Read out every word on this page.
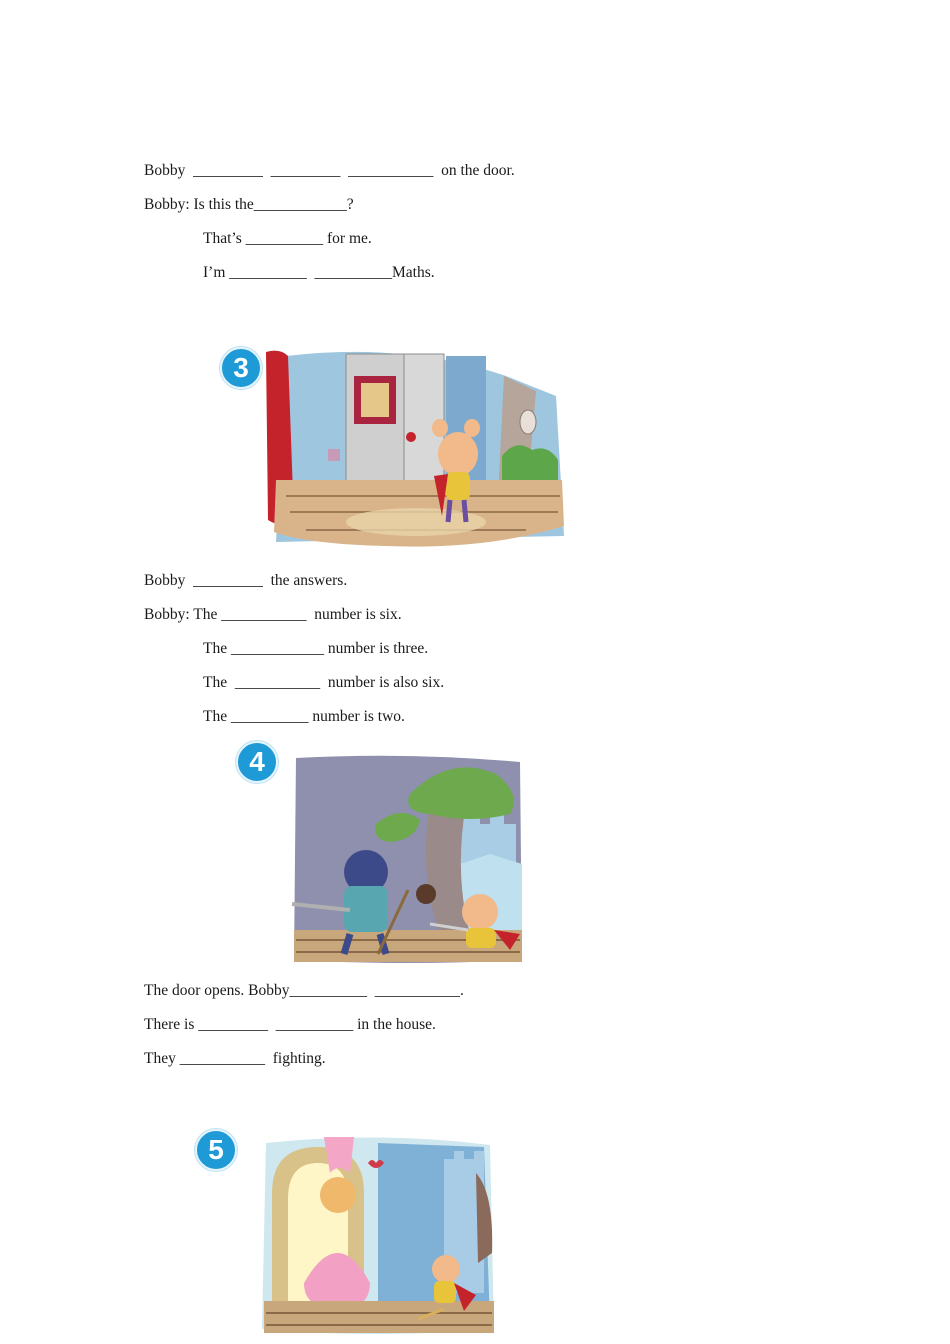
Bobby  _________  _________  ___________  on the door.
Bobby: Is this the____________?
That’s __________ for me.
I’m __________  __________Maths.
3
Bobby  _________  the answers.
Bobby: The ___________  number is six.
The ____________ number is three.
The  ___________  number is also six.
The __________ number is two.
4
The door opens. Bobby__________  ___________.
There is _________  __________ in the house.
They ___________  fighting.
5
